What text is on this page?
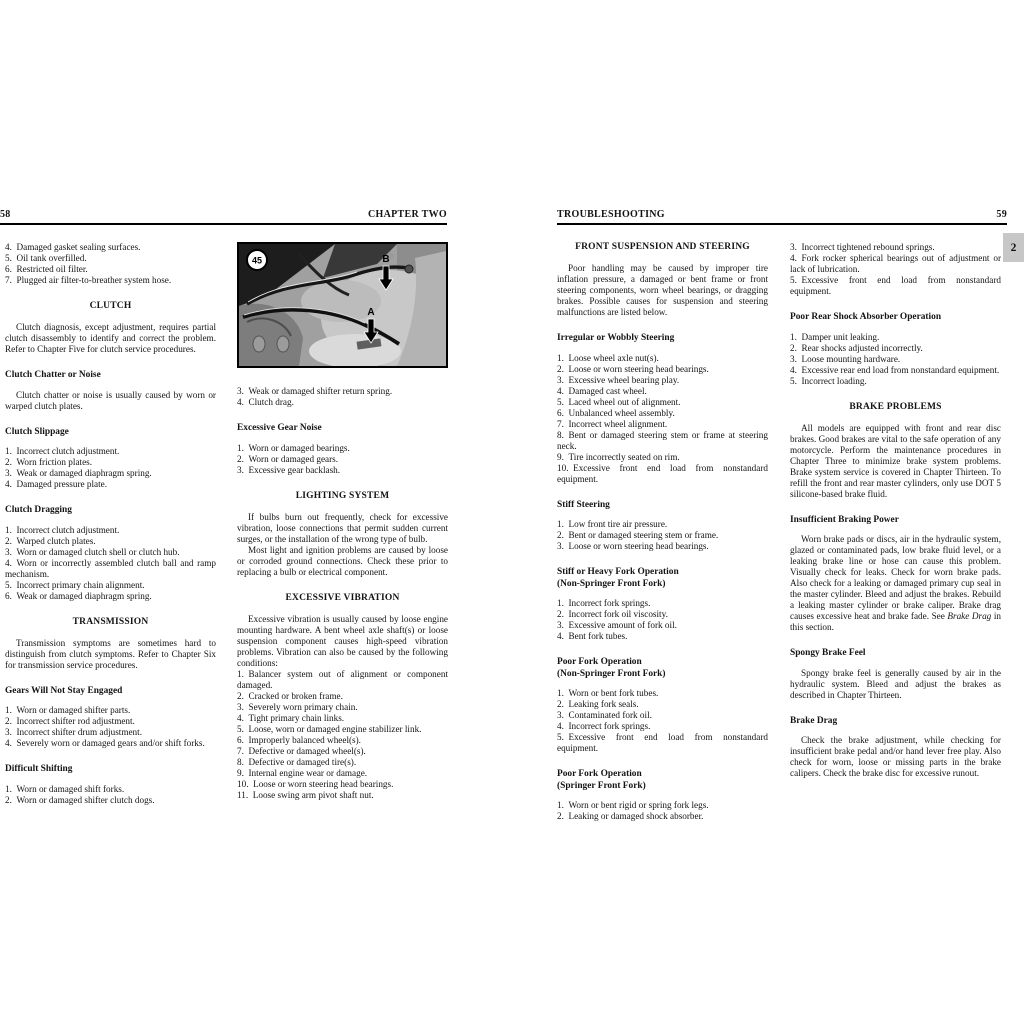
58	CHAPTER TWO
4. Damaged gasket sealing surfaces.
5. Oil tank overfilled.
6. Restricted oil filter.
7. Plugged air filter-to-breather system hose.
CLUTCH
Clutch diagnosis, except adjustment, requires partial clutch disassembly to identify and correct the problem. Refer to Chapter Five for clutch service procedures.
Clutch Chatter or Noise
Clutch chatter or noise is usually caused by worn or warped clutch plates.
Clutch Slippage
1. Incorrect clutch adjustment.
2. Worn friction plates.
3. Weak or damaged diaphragm spring.
4. Damaged pressure plate.
Clutch Dragging
1. Incorrect clutch adjustment.
2. Warped clutch plates.
3. Worn or damaged clutch shell or clutch hub.
4. Worn or incorrectly assembled clutch ball and ramp mechanism.
5. Incorrect primary chain alignment.
6. Weak or damaged diaphragm spring.
TRANSMISSION
Transmission symptoms are sometimes hard to distinguish from clutch symptoms. Refer to Chapter Six for transmission service procedures.
Gears Will Not Stay Engaged
1. Worn or damaged shifter parts.
2. Incorrect shifter rod adjustment.
3. Incorrect shifter drum adjustment.
4. Severely worn or damaged gears and/or shift forks.
Difficult Shifting
1. Worn or damaged shift forks.
2. Worn or damaged shifter clutch dogs.
45	B
A
3. Weak or damaged shifter return spring.
4. Clutch drag.
Excessive Gear Noise
1. Worn or damaged bearings.
2. Worn or damaged gears.
3. Excessive gear backlash.
LIGHTING SYSTEM
If bulbs burn out frequently, check for excessive vibration, loose connections that permit sudden current surges, or the installation of the wrong type of bulb.
Most light and ignition problems are caused by loose or corroded ground connections. Check these prior to replacing a bulb or electrical component.
EXCESSIVE VIBRATION
Excessive vibration is usually caused by loose engine mounting hardware. A bent wheel axle shaft(s) or loose suspension component causes high-speed vibration problems. Vibration can also be caused by the following conditions:
1. Balancer system out of alignment or component damaged.
2. Cracked or broken frame.
3. Severely worn primary chain.
4. Tight primary chain links.
5. Loose, worn or damaged engine stabilizer link.
6. Improperly balanced wheel(s).
7. Defective or damaged wheel(s).
8. Defective or damaged tire(s).
9. Internal engine wear or damage.
10. Loose or worn steering head bearings.
11. Loose swing arm pivot shaft nut.
TROUBLESHOOTING	59
FRONT SUSPENSION AND STEERING
Poor handling may be caused by improper tire inflation pressure, a damaged or bent frame or front steering components, worn wheel bearings, or dragging brakes. Possible causes for suspension and steering malfunctions are listed below.
Irregular or Wobbly Steering
1. Loose wheel axle nut(s).
2. Loose or worn steering head bearings.
3. Excessive wheel bearing play.
4. Damaged cast wheel.
5. Laced wheel out of alignment.
6. Unbalanced wheel assembly.
7. Incorrect wheel alignment.
8. Bent or damaged steering stem or frame at steering neck.
9. Tire incorrectly seated on rim.
10. Excessive front end load from nonstandard equipment.
Stiff Steering
1. Low front tire air pressure.
2. Bent or damaged steering stem or frame.
3. Loose or worn steering head bearings.
Stiff or Heavy Fork Operation
(Non-Springer Front Fork)
1. Incorrect fork springs.
2. Incorrect fork oil viscosity.
3. Excessive amount of fork oil.
4. Bent fork tubes.
Poor Fork Operation
(Non-Springer Front Fork)
1. Worn or bent fork tubes.
2. Leaking fork seals.
3. Contaminated fork oil.
4. Incorrect fork springs.
5. Excessive front end load from nonstandard equipment.
Poor Fork Operation
(Springer Front Fork)
1. Worn or bent rigid or spring fork legs.
2. Leaking or damaged shock absorber.
3. Incorrect tightened rebound springs.
4. Fork rocker spherical bearings out of adjustment or lack of lubrication.
5. Excessive front end load from nonstandard equipment.
Poor Rear Shock Absorber Operation
1. Damper unit leaking.
2. Rear shocks adjusted incorrectly.
3. Loose mounting hardware.
4. Excessive rear end load from nonstandard equipment.
5. Incorrect loading.
BRAKE PROBLEMS
All models are equipped with front and rear disc brakes. Good brakes are vital to the safe operation of any motorcycle. Perform the maintenance procedures in Chapter Three to minimize brake system problems. Brake system service is covered in Chapter Thirteen. To refill the front and rear master cylinders, only use DOT 5 silicone-based brake fluid.
Insufficient Braking Power
Worn brake pads or discs, air in the hydraulic system, glazed or contaminated pads, low brake fluid level, or a leaking brake line or hose can cause this problem. Visually check for leaks. Check for worn brake pads. Also check for a leaking or damaged primary cup seal in the master cylinder. Bleed and adjust the brakes. Rebuild a leaking master cylinder or brake caliper. Brake drag causes excessive heat and brake fade. See Brake Drag in this section.
Spongy Brake Feel
Spongy brake feel is generally caused by air in the hydraulic system. Bleed and adjust the brakes as described in Chapter Thirteen.
Brake Drag
Check the brake adjustment, while checking for insufficient brake pedal and/or hand lever free play. Also check for worn, loose or missing parts in the brake calipers. Check the brake disc for excessive runout.
2
